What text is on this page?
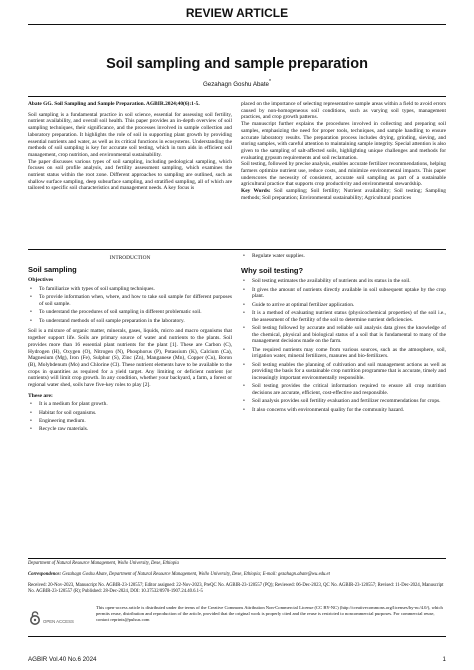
REVIEW ARTICLE
Soil sampling and sample preparation
Gezahagn Goshu Abate*

Abate GG. Soil Sampling and Sample Preparation. AGBIR.2024;40(6):1-5.

Soil sampling is a fundamental practice in soil science, essential for assessing soil fertility, nutrient availability, and overall soil health. This paper provides an in-depth overview of soil sampling techniques, their significance, and the processes involved in sample collection and laboratory preparation. It highlights the role of soil in supporting plant growth by providing essential nutrients and water, as well as its critical functions in ecosystems. Understanding the methods of soil sampling is key for accurate soil testing, which in turn aids in efficient soil management, crop nutrition, and environmental sustainability.

The paper discusses various types of soil sampling, including pedological sampling, which focuses on soil profile analysis, and fertility assessment sampling, which examines the nutrient status within the root zone. Different approaches to sampling are outlined, such as shallow surface sampling, deep subsurface sampling, and stratified sampling, all of which are tailored to specific soil characteristics and management needs. A key focus is

placed on the importance of selecting representative sample areas within a field to avoid errors caused by non-homogeneous soil conditions, such as varying soil types, management practices, and crop growth patterns.

The manuscript further explains the procedures involved in collecting and preparing soil samples, emphasizing the need for proper tools, techniques, and sample handling to ensure accurate laboratory results. The preparation process includes drying, grinding, sieving, and storing samples, with careful attention to maintaining sample integrity. Special attention is also given to the sampling of salt-affected soils, highlighting unique challenges and methods for evaluating gypsum requirements and soil reclamation.

Soil testing, followed by precise analysis, enables accurate fertilizer recommendations, helping farmers optimize nutrient use, reduce costs, and minimize environmental impacts. This paper underscores the necessity of consistent, accurate soil sampling as part of a sustainable agricultural practice that supports crop productivity and environmental stewardship.

Key Words: Soil sampling; Soil fertility; Nutrient availability; Soil testing; Sampling methods; Soil preparation; Environmental sustainability; Agricultural practices

INTRODUCTION
Soil sampling
Objectives
• To familiarize with types of soil sampling techniques.
• To provide information when, where, and how to take soil sample for different purposes of soil sample.
• To understand the procedures of soil sampling in different problematic soil.
• To understand methods of soil sample preparation in the laboratory.

Soil is a mixture of organic matter, minerals, gases, liquids, micro and macro organisms that together support life. Soils are primary source of water and nutrients to the plants. Soil provides more than 16 essential plant nutrients for the plant [1]. These are Carbon (C), Hydrogen (H), Oxygen (O), Nitrogen (N), Phosphorus (P), Potassium (K), Calcium (Ca), Magnesium (Mg), Iron (Fe), Sulphur (S), Zinc (Zn), Manganese (Mn), Copper (Cu), Boron (B), Molybdenum (Mo) and Chlorine (Cl). These nutrient elements have to be available to the crops in quantities as required for a yield target. Any limiting or deficient nutrient (or nutrients) will limit crop growth. In any condition, whether your backyard, a farm, a forest or regional water shed, soils have five-key roles to play [2].

These are:
• It is a medium for plant growth.
• Habitat for soil organisms.
• Engineering medium.
• Recycle raw materials.
• Regulate water supplies.
Why soil testing?
• Soil testing estimates the availability of nutrients and its status in the soil.
• It gives the amount of nutrients directly available in soil subsequent uptake by the crop plant.
• Guide to arrive at optimal fertilizer application.
• It is a method of evaluating nutrient status (physicochemical properties) of the soil i.e., the assessment of the fertility of the soil to determine nutrient deficiencies.
• Soil testing followed by accurate and reliable soil analysis data gives the knowledge of the chemical, physical and biological status of a soil that is fundamental to many of the management decisions made on the farm.
• The required nutrients may come from various sources, such as the atmosphere, soil, irrigation water, mineral fertilizers, manures and bio-fertilizers.
• Soil testing enables the planning of cultivation and soil management actions as well as providing the basis for a sustainable crop nutrition programme that is accurate, timely and increasingly important environmentally responsible.
• Soil testing provides the critical information required to ensure all crop nutrition decisions are accurate, efficient, cost-effective and responsible.
• Soil analysis provides soil fertility evaluation and fertilizer recommendations for crops.
• It also concerns with environmental quality for the community hazard.
Department of Natural Resource Management, Wollo University, Dese, Ethiopia
Correspondence: Gezahagn Goshu Abate, Department of Natural Resource Management, Wollo University, Dese, Ethiopia; E-mail: gezahagn.abate@wu.edu.et
Received: 20-Nov-2023, Manuscript No. AGBIR-23-120557; Editor assigned: 22-Nov-2023, PreQC No. AGBIR-23-120557 (PQ); Reviewed: 06-Dec-2023, QC No. AGBIR-23-120557; Revised: 11-Dec-2024, Manuscript No. AGBIR-23-120557 (R); Published: 28-Dec-2024, DOI: 10.37532/0970-1907.24.40.6.1-5
OPEN ACCESS
This open-access article is distributed under the terms of the Creative Commons Attribution Non-Commercial License (CC BY-NC) (http://creativecommons.org/licenses/by-nc/4.0/), which permits reuse, distribution and reproduction of the article, provided that the original work is properly cited and the reuse is restricted to noncommercial purposes. For commercial reuse, contact reprints@pulsus.com
AGBIR Vol.40 No.6 2024	1
